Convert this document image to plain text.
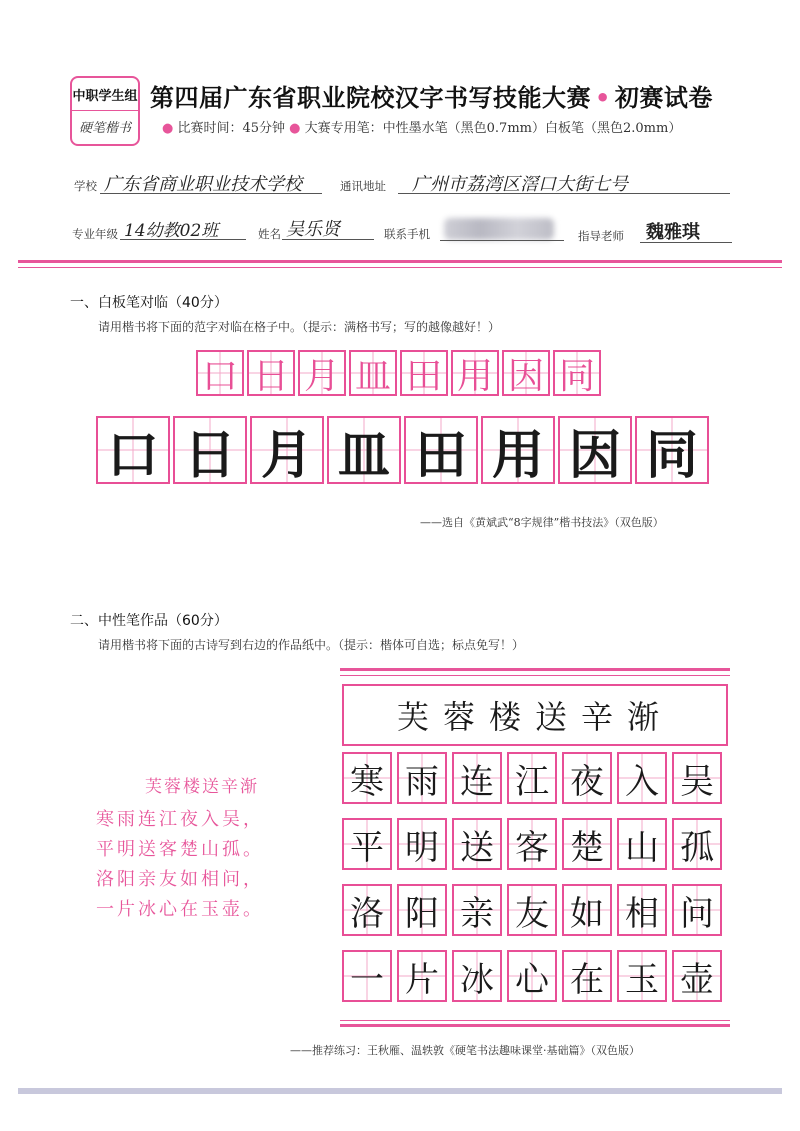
中职学生组
硬笔楷书
第四届广东省职业院校汉字书写技能大赛 • 初赛试卷
● 比赛时间：45分钟 ● 大赛专用笔：中性墨水笔（黑色0.7mm）白板笔（黑色2.0mm）
学校 广东省商业职业技术学校	通讯地址 广州市荔湾区滘口大街七号
专业年级 14幼教02班	姓名 吴乐贤	联系手机	指导老师 魏雅琪
一、白板笔对临（40分）
请用楷书将下面的范字对临在格子中。（提示：满格书写；写的越像越好！）
口 日 月 皿 田 用 因 同
口 日 月 皿 田 用 因 同
——选自《黄斌武“8字规律”楷书技法》（双色版）
二、中性笔作品（60分）
请用楷书将下面的古诗写到右边的作品纸中。（提示：楷体可自选；标点免写！）
芙蓉楼送辛渐
寒雨连江夜入吴，
平明送客楚山孤。
洛阳亲友如相问，
一片冰心在玉壶。
芙蓉楼送辛渐
寒 雨 连 江 夜 入 吴
平 明 送 客 楚 山 孤
洛 阳 亲 友 如 相 问
一 片 冰 心 在 玉 壶
——推荐练习：王秋雁、温轶敦《硬笔书法趣味课堂·基础篇》（双色版）
